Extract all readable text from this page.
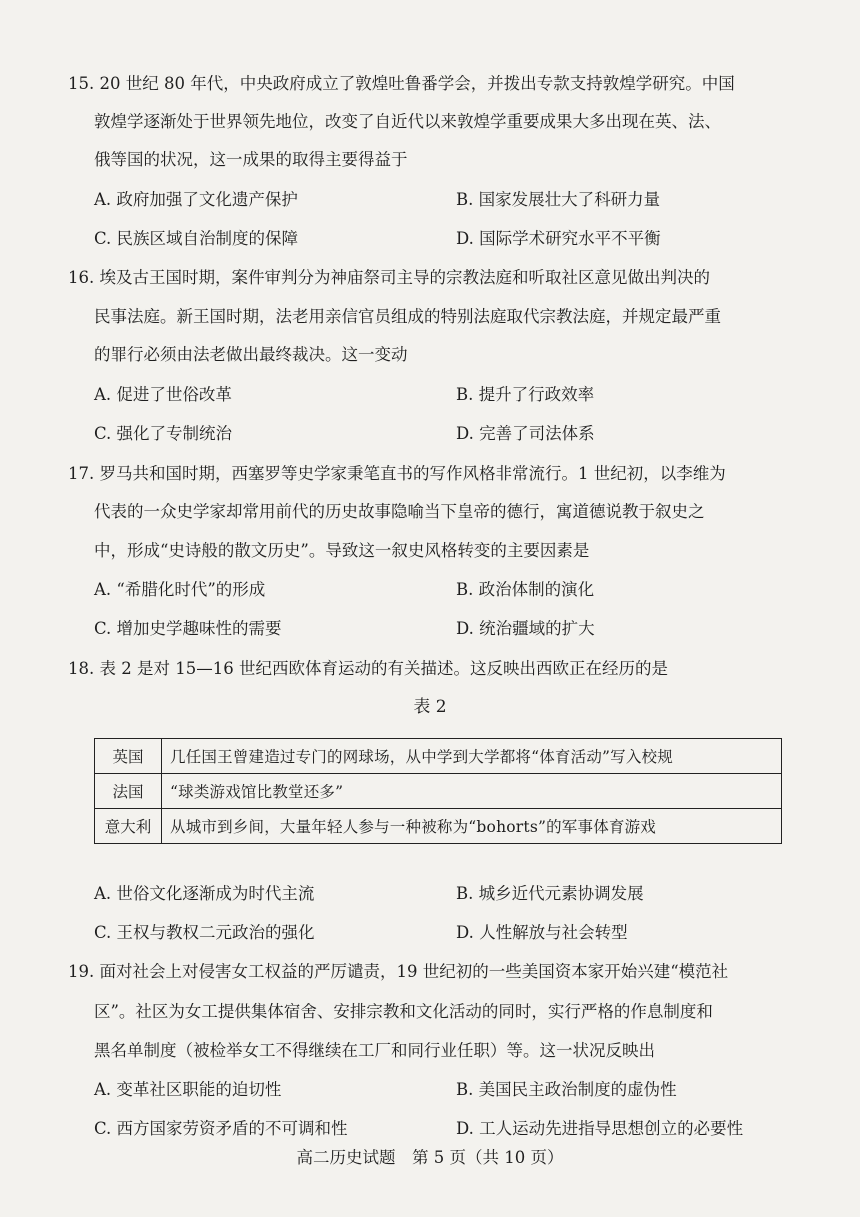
15. 20 世纪 80 年代，中央政府成立了敦煌吐鲁番学会，并拨出专款支持敦煌学研究。中国
敦煌学逐渐处于世界领先地位，改变了自近代以来敦煌学重要成果大多出现在英、法、
俄等国的状况，这一成果的取得主要得益于
A. 政府加强了文化遗产保护	B. 国家发展壮大了科研力量
C. 民族区域自治制度的保障	D. 国际学术研究水平不平衡
16. 埃及古王国时期，案件审判分为神庙祭司主导的宗教法庭和听取社区意见做出判决的
民事法庭。新王国时期，法老用亲信官员组成的特别法庭取代宗教法庭，并规定最严重
的罪行必须由法老做出最终裁决。这一变动
A. 促进了世俗改革	B. 提升了行政效率
C. 强化了专制统治	D. 完善了司法体系
17. 罗马共和国时期，西塞罗等史学家秉笔直书的写作风格非常流行。1 世纪初，以李维为
代表的一众史学家却常用前代的历史故事隐喻当下皇帝的德行，寓道德说教于叙史之
中，形成“史诗般的散文历史”。导致这一叙史风格转变的主要因素是
A. “希腊化时代”的形成	B. 政治体制的演化
C. 增加史学趣味性的需要	D. 统治疆域的扩大
18. 表 2 是对 15—16 世纪西欧体育运动的有关描述。这反映出西欧正在经历的是
表 2
英国	几任国王曾建造过专门的网球场，从中学到大学都将“体育活动”写入校规
法国	“球类游戏馆比教堂还多”
意大利	从城市到乡间，大量年轻人参与一种被称为“bohorts”的军事体育游戏
A. 世俗文化逐渐成为时代主流	B. 城乡近代元素协调发展
C. 王权与教权二元政治的强化	D. 人性解放与社会转型
19. 面对社会上对侵害女工权益的严厉谴责，19 世纪初的一些美国资本家开始兴建“模范社
区”。社区为女工提供集体宿舍、安排宗教和文化活动的同时，实行严格的作息制度和
黑名单制度（被检举女工不得继续在工厂和同行业任职）等。这一状况反映出
A. 变革社区职能的迫切性	B. 美国民主政治制度的虚伪性
C. 西方国家劳资矛盾的不可调和性	D. 工人运动先进指导思想创立的必要性
高二历史试题　第 5 页（共 10 页）
